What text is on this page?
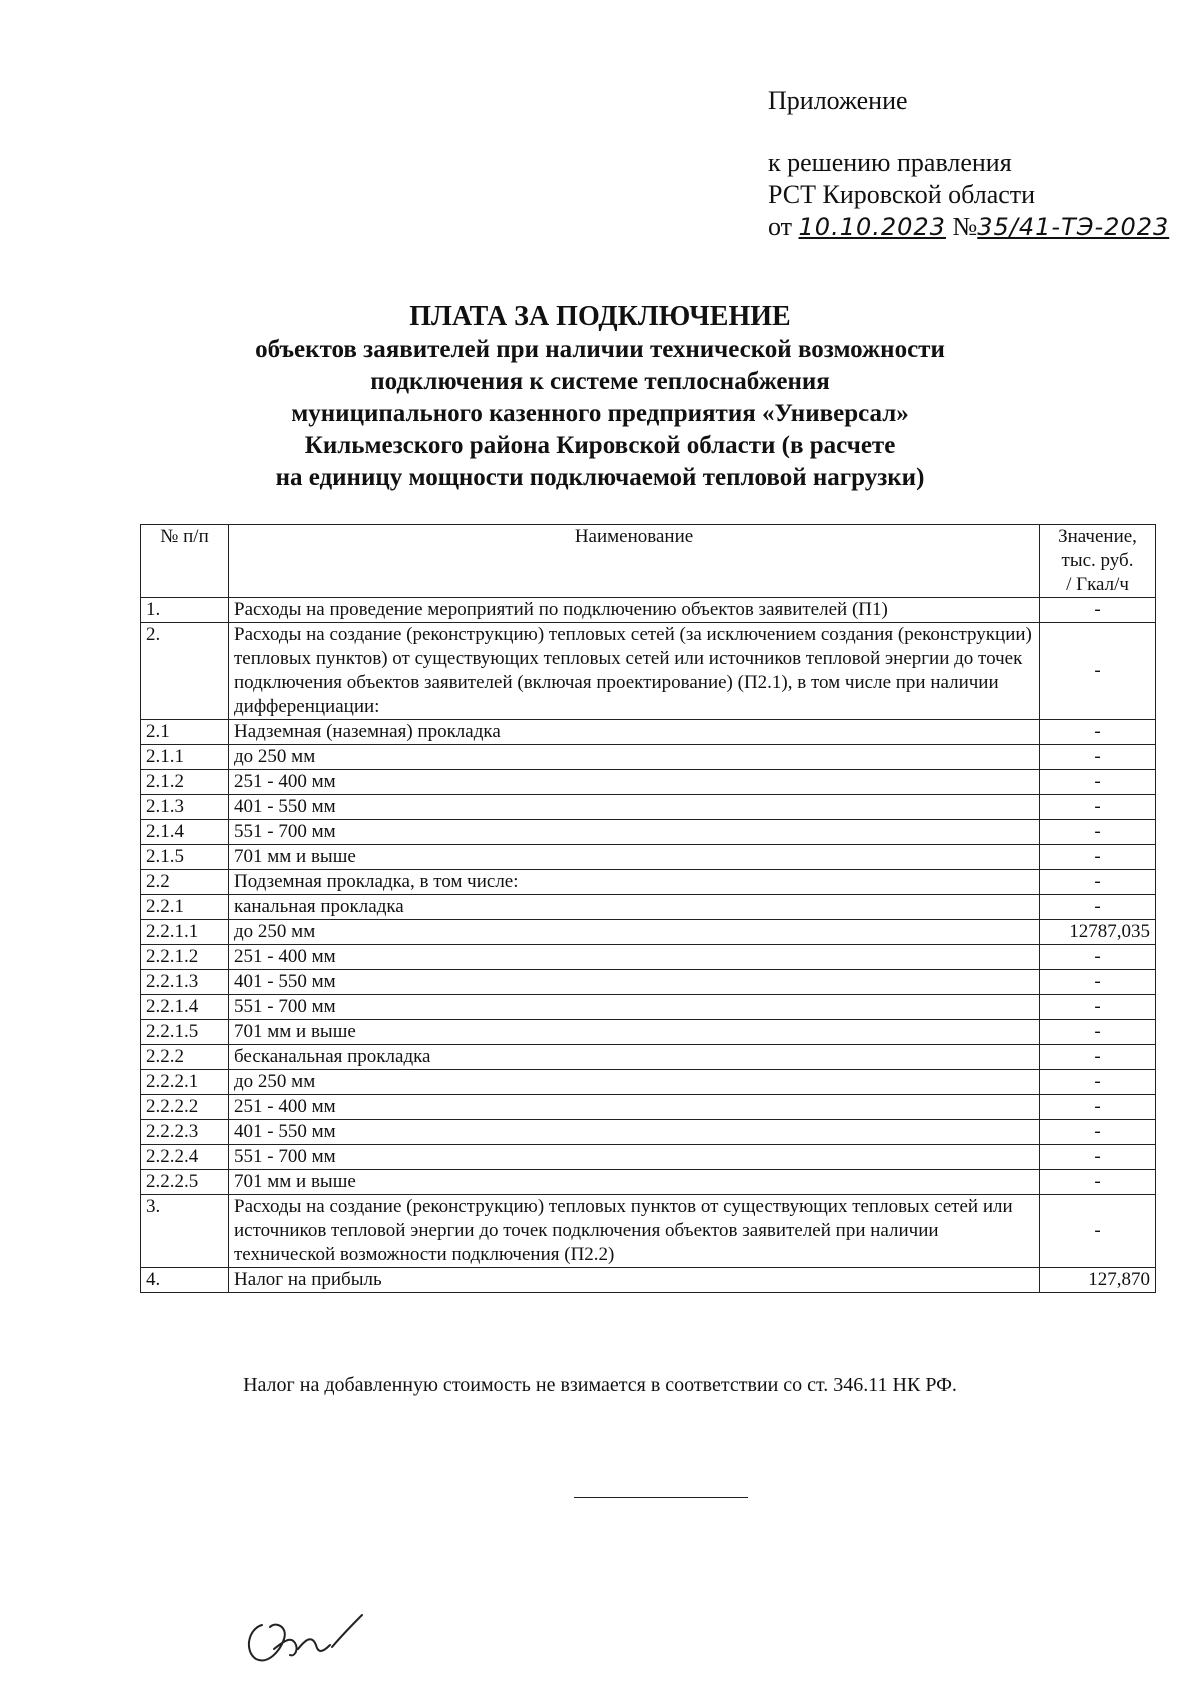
Приложение
к решению правления
РСТ Кировской области
от 10.10.2023 №35/41-ТЭ-2023
ПЛАТА ЗА ПОДКЛЮЧЕНИЕ
объектов заявителей при наличии технической возможности
подключения к системе теплоснабжения
муниципального казенного предприятия «Универсал»
Кильмезского района Кировской области (в расчете
на единицу мощности подключаемой тепловой нагрузки)
№ п/п	Наименование	Значение,
тыс. руб.
/ Гкал/ч

1.	Расходы на проведение мероприятий по подключению объектов заявителей (П1)	-
2.	Расходы на создание (реконструкцию) тепловых сетей (за исключением создания (реконструкции) тепловых пунктов) от существующих тепловых сетей или источников тепловой энергии до точек подключения объектов заявителей (включая проектирование) (П2.1), в том числе при наличии дифференциации:	-
2.1	Надземная (наземная) прокладка	-
2.1.1	до 250 мм	-
2.1.2	251 - 400 мм	-
2.1.3	401 - 550 мм	-
2.1.4	551 - 700 мм	-
2.1.5	701 мм и выше	-
2.2	Подземная прокладка, в том числе:	-
2.2.1	канальная прокладка	-
2.2.1.1	до 250 мм	12787,035
2.2.1.2	251 - 400 мм	-
2.2.1.3	401 - 550 мм	-
2.2.1.4	551 - 700 мм	-
2.2.1.5	701 мм и выше	-
2.2.2	бесканальная прокладка	-
2.2.2.1	до 250 мм	-
2.2.2.2	251 - 400 мм	-
2.2.2.3	401 - 550 мм	-
2.2.2.4	551 - 700 мм	-
2.2.2.5	701 мм и выше	-
3.	Расходы на создание (реконструкцию) тепловых пунктов от существующих тепловых сетей или источников тепловой энергии до точек подключения объектов заявителей при наличии технической возможности подключения (П2.2)	-
4.	Налог на прибыль	127,870
Налог на добавленную стоимость не взимается в соответствии со ст. 346.11 НК РФ.
